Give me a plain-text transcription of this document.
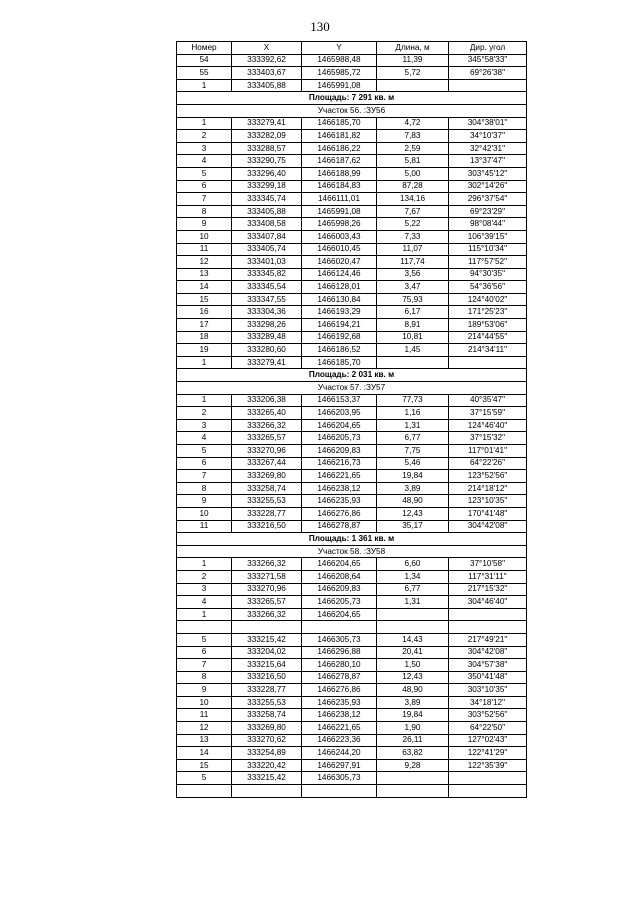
130
Номер	X	Y	Длина, м	Дир. угол
54	333392,62	1465988,48	11,39	345°58'33"
55	333403,67	1465985,72	5,72	69°26'38"
1	333405,88	1465991,08		
Площадь: 7 291 кв. м				
Участок 56. :ЗУ56				
1	333279,41	1466185,70	4,72	304°38'01"
2	333282,09	1466181,82	7,83	34°10'37"
3	333288,57	1466186,22	2,59	32°42'31"
4	333290,75	1466187,62	5,81	13°37'47"
5	333296,40	1466188,99	5,00	303°45'12"
6	333299,18	1466184,83	87,28	302°14'26"
7	333345,74	1466111,01	134,16	296°37'54"
8	333405,88	1465991,08	7,67	69°23'29"
9	333408,58	1465998,26	5,22	98°08'44"
10	333407,84	1466003,43	7,33	106°39'15"
11	333405,74	1466010,45	11,07	115°10'34"
12	333401,03	1466020,47	117,74	117°57'52"
13	333345,82	1466124,46	3,56	94°30'35"
14	333345,54	1466128,01	3,47	54°36'56"
15	333347,55	1466130,84	75,93	124°40'02"
16	333304,36	1466193,29	6,17	171°25'23"
17	333298,26	1466194,21	8,91	189°53'06"
18	333289,48	1466192,68	10,81	214°44'55"
19	333280,60	1466186,52	1,45	214°34'11"
1	333279,41	1466185,70		
Площадь: 2 031 кв. м				
Участок 57. :ЗУ57				
1	333206,38	1466153,37	77,73	40°35'47"
2	333265,40	1466203,95	1,16	37°15'59"
3	333266,32	1466204,65	1,31	124°46'40"
4	333265,57	1466205,73	6,77	37°15'32"
5	333270,96	1466209,83	7,75	117°01'41"
6	333267,44	1466216,73	5,46	64°22'26"
7	333269,80	1466221,65	19,84	123°52'56"
8	333258,74	1466238,12	3,89	214°18'12"
9	333255,53	1466235,93	48,90	123°10'35"
10	333228,77	1466276,86	12,43	170°41'48"
11	333216,50	1466278,87	35,17	304°42'08"
Площадь: 1 361 кв. м				
Участок 58. :ЗУ58				
1	333266,32	1466204,65	6,60	37°10'58"
2	333271,58	1466208,64	1,34	117°31'11"
3	333270,96	1466209,83	6,77	217°15'32"
4	333265,57	1466205,73	1,31	304°46'40"
1	333266,32	1466204,65		

5	333215,42	1466305,73	14,43	217°49'21"
6	333204,02	1466296,88	20,41	304°42'08"
7	333215,64	1466280,10	1,50	304°57'38"
8	333216,50	1466278,87	12,43	350°41'48"
9	333228,77	1466276,86	48,90	303°10'35"
10	333255,53	1466235,93	3,89	34°18'12"
11	333258,74	1466238,12	19,84	303°52'56"
12	333269,80	1466221,65	1,90	64°22'50"
13	333270,62	1466223,36	26,11	127°02'43"
14	333254,89	1466244,20	63,82	122°41'29"
15	333220,42	1466297,91	9,28	122°35'39"
5	333215,42	1466305,73		
